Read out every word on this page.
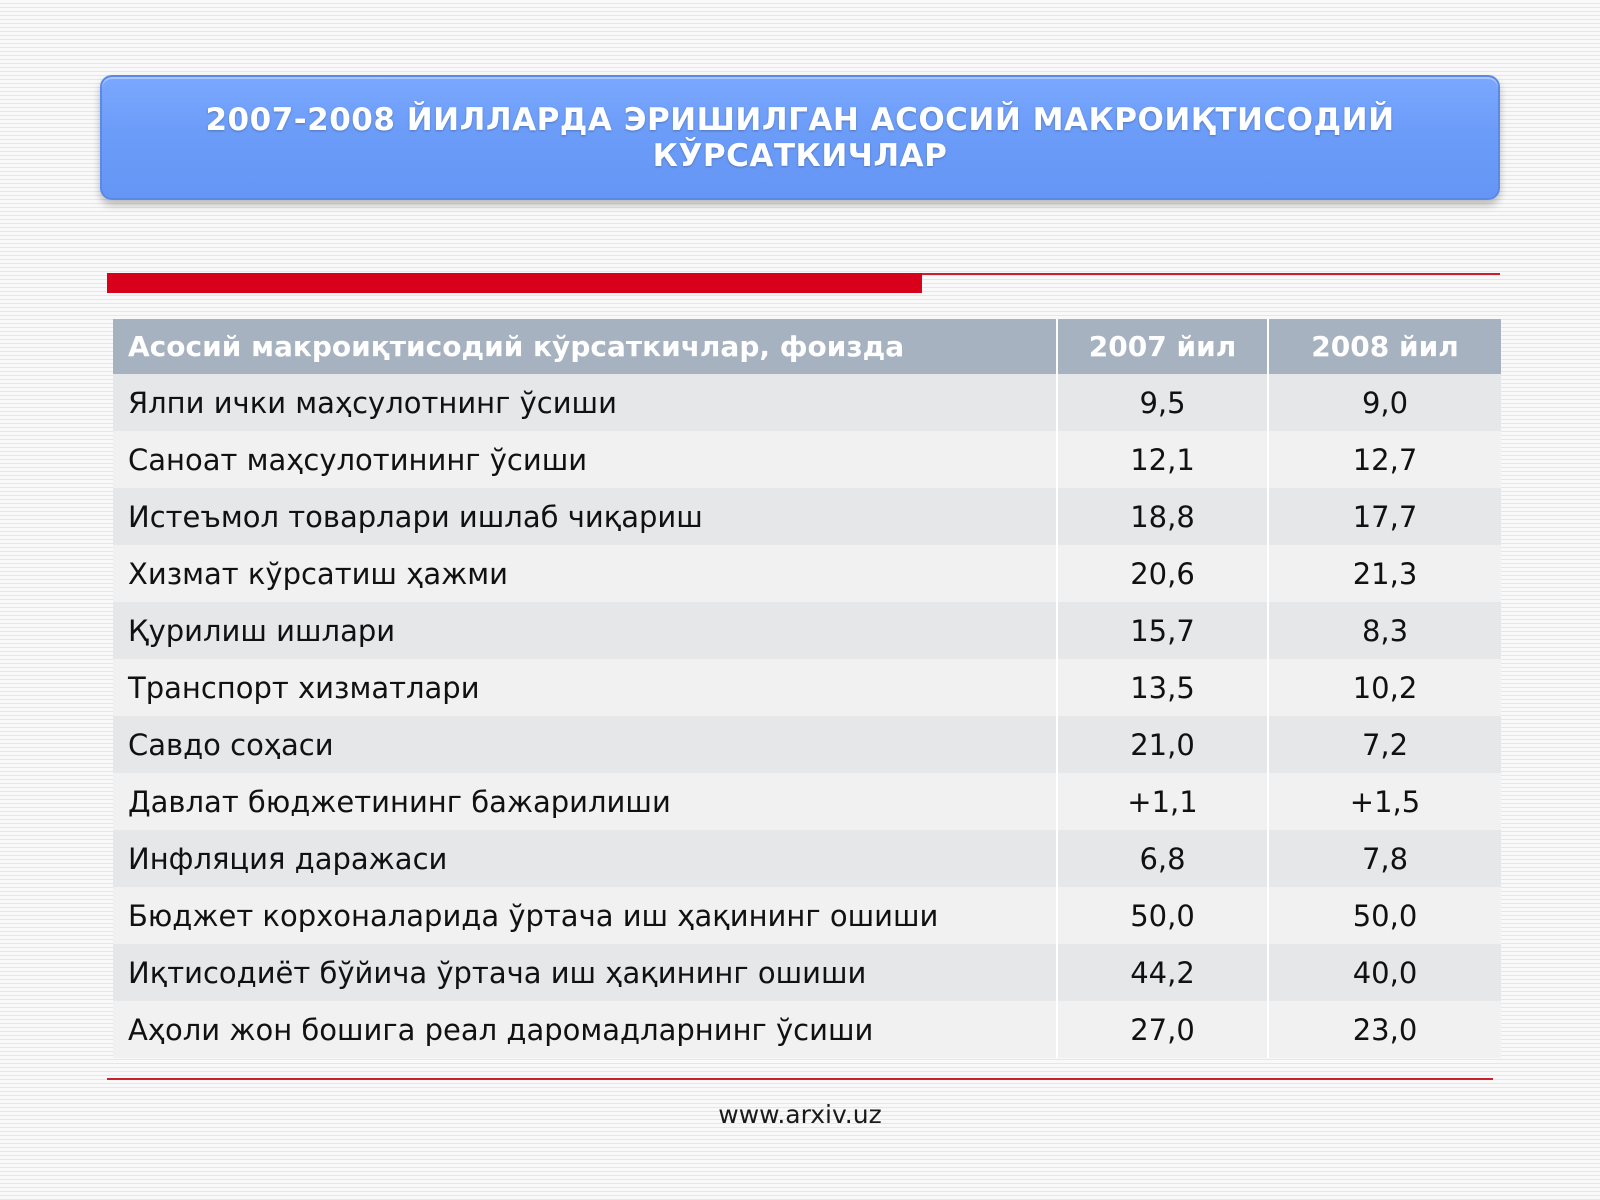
2007-2008 ЙИЛЛАРДА ЭРИШИЛГАН АСОСИЙ МАКРОИҚТИСОДИЙ КЎРСАТКИЧЛАР
Асосий макроиқтисодий кўрсаткичлар, фоизда	2007 йил	2008 йил
Ялпи ички маҳсулотнинг ўсиши	9,5	9,0
Саноат маҳсулотининг ўсиши	12,1	12,7
Истеъмол товарлари ишлаб чиқариш	18,8	17,7
Хизмат кўрсатиш ҳажми	20,6	21,3
Қурилиш ишлари	15,7	8,3
Транспорт хизматлари	13,5	10,2
Савдо соҳаси	21,0	7,2
Давлат бюджетининг бажарилиши	+1,1	+1,5
Инфляция даражаси	6,8	7,8
Бюджет корхоналарида ўртача иш ҳақининг ошиши	50,0	50,0
Иқтисодиёт бўйича ўртача иш ҳақининг ошиши	44,2	40,0
Аҳоли жон бошига реал даромадларнинг ўсиши	27,0	23,0
www.arxiv.uz
